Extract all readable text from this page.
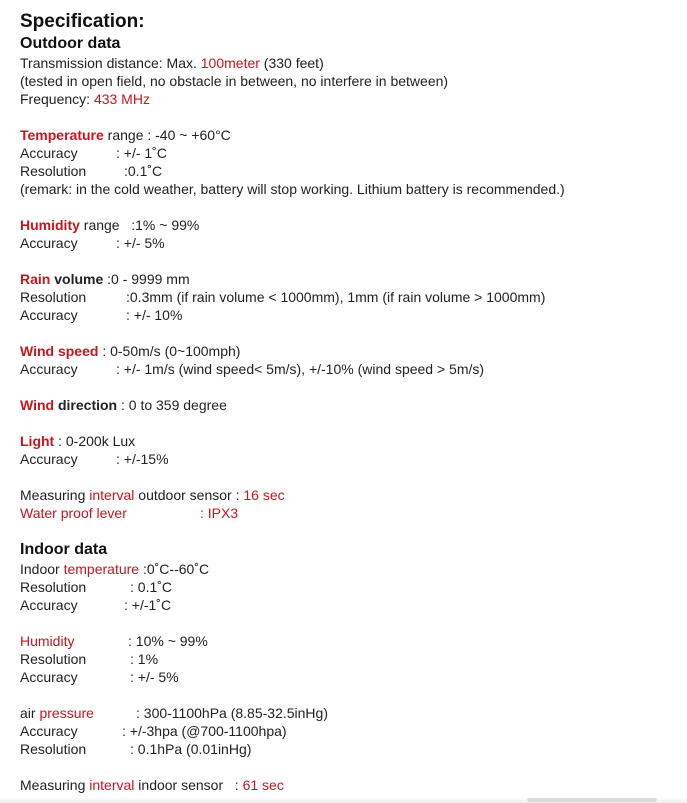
Specification:
Outdoor data
Transmission distance: Max. 100meter (330 feet)
(tested in open field, no obstacle in between, no interfere in between)
Frequency: 433 MHz
Temperature range : -40 ~ +60°C
Accuracy	: +/- 1˚C
Resolution	:0.1˚C
(remark: in the cold weather, battery will stop working. Lithium battery is recommended.)
Humidity range   :1% ~ 99%
Accuracy	: +/- 5%
Rain volume :0 - 9999 mm
Resolution	:0.3mm (if rain volume < 1000mm), 1mm (if rain volume > 1000mm)
Accuracy	: +/- 10%
Wind speed : 0-50m/s (0~100mph)
Accuracy	: +/- 1m/s (wind speed< 5m/s), +/-10% (wind speed > 5m/s)
Wind direction : 0 to 359 degree
Light : 0-200k Lux
Accuracy	: +/-15%
Measuring interval outdoor sensor : 16 sec
Water proof lever	: IPX3
Indoor data
Indoor temperature :0˚C--60˚C
Resolution	: 0.1˚C
Accuracy	: +/-1˚C
Humidity	: 10% ~ 99%
Resolution	: 1%
Accuracy	: +/- 5%
air pressure	: 300-1100hPa (8.85-32.5inHg)
Accuracy	: +/-3hpa (@700-1100hpa)
Resolution	: 0.1hPa (0.01inHg)
Measuring interval indoor sensor   : 61 sec
